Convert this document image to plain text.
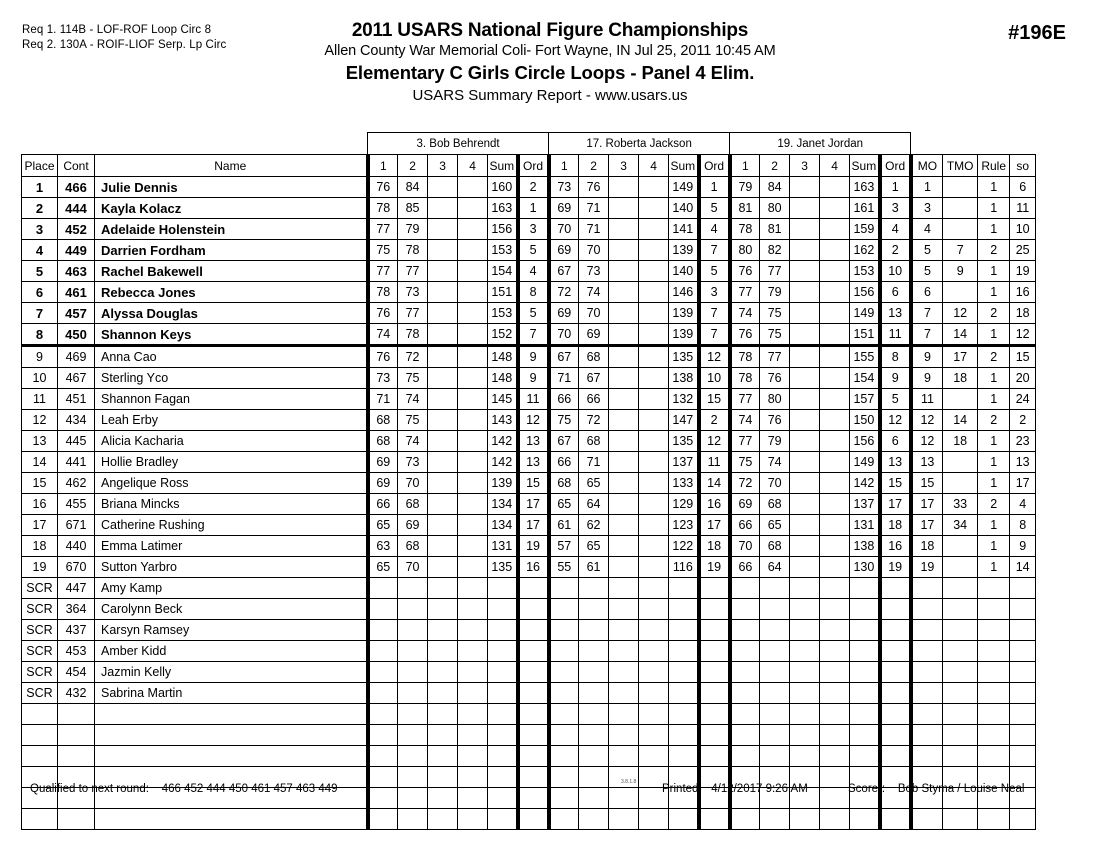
Req 1. 114B - LOF-ROF Loop Circ 8
Req 2. 130A - ROIF-LIOF Serp. Lp Circ
2011 USARS National Figure Championships
Allen County War Memorial Coli- Fort Wayne, IN Jul 25, 2011 10:45 AM
Elementary C Girls Circle Loops - Panel 4 Elim.
USARS Summary Report - www.usars.us
#196E
			3. Bob Behrendt						17. Roberta Jackson						19. Janet Jordan									
Place	Cont	Name	1	2	3	4	Sum	Ord	1	2	3	4	Sum	Ord	1	2	3	4	Sum	Ord	MO	TMO	Rule	so
1	466	Julie Dennis	76	84			160	2	73	76			149	1	79	84			163	1	1		1	6
2	444	Kayla Kolacz	78	85			163	1	69	71			140	5	81	80			161	3	3		1	11
3	452	Adelaide Holenstein	77	79			156	3	70	71			141	4	78	81			159	4	4		1	10
4	449	Darrien Fordham	75	78			153	5	69	70			139	7	80	82			162	2	5	7	2	25
5	463	Rachel Bakewell	77	77			154	4	67	73			140	5	76	77			153	10	5	9	1	19
6	461	Rebecca Jones	78	73			151	8	72	74			146	3	77	79			156	6	6		1	16
7	457	Alyssa Douglas	76	77			153	5	69	70			139	7	74	75			149	13	7	12	2	18
8	450	Shannon Keys	74	78			152	7	70	69			139	7	76	75			151	11	7	14	1	12
9	469	Anna Cao	76	72			148	9	67	68			135	12	78	77			155	8	9	17	2	15
10	467	Sterling Yco	73	75			148	9	71	67			138	10	78	76			154	9	9	18	1	20
11	451	Shannon Fagan	71	74			145	11	66	66			132	15	77	80			157	5	11		1	24
12	434	Leah Erby	68	75			143	12	75	72			147	2	74	76			150	12	12	14	2	2
13	445	Alicia Kacharia	68	74			142	13	67	68			135	12	77	79			156	6	12	18	1	23
14	441	Hollie Bradley	69	73			142	13	66	71			137	11	75	74			149	13	13		1	13
15	462	Angelique Ross	69	70			139	15	68	65			133	14	72	70			142	15	15		1	17
16	455	Briana Mincks	66	68			134	17	65	64			129	16	69	68			137	17	17	33	2	4
17	671	Catherine Rushing	65	69			134	17	61	62			123	17	66	65			131	18	17	34	1	8
18	440	Emma Latimer	63	68			131	19	57	65			122	18	70	68			138	16	18		1	9
19	670	Sutton Yarbro	65	70			135	16	55	61			116	19	66	64			130	19	19		1	14
SCR	447	Amy Kamp																						
SCR	364	Carolynn Beck																						
SCR	437	Karsyn Ramsey																						
SCR	453	Amber Kidd																						
SCR	454	Jazmin Kelly																						
SCR	432	Sabrina Martin																						

Qualified to next round: 466 452 444 450 461 457 463 449
3.8.1.8
Printed: 4/12/2017 9:26 AM	Scorer: Bob Styma / Louise Neal
